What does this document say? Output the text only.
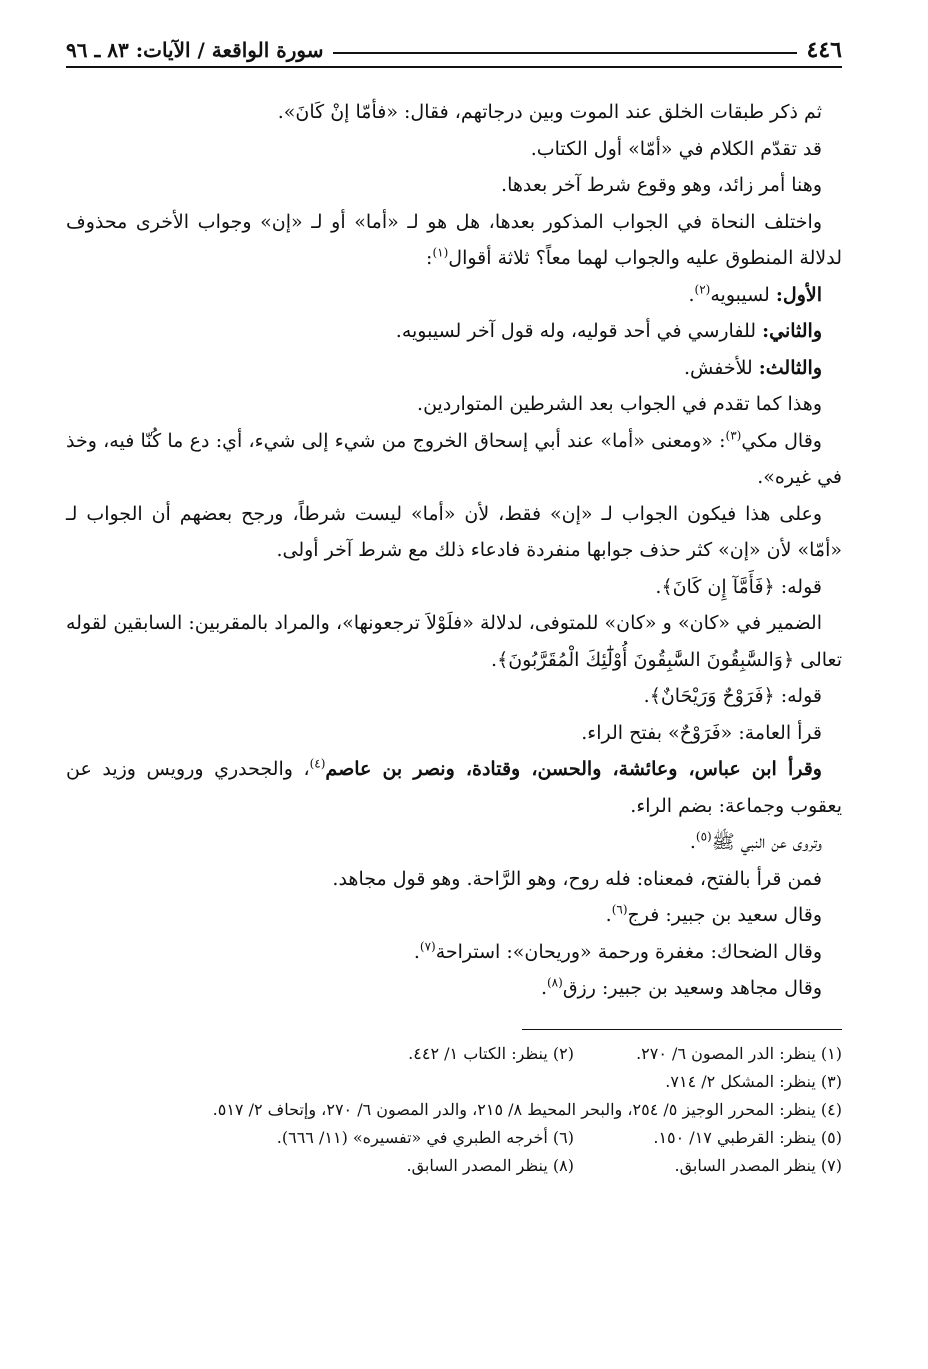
٤٤٦
سورة الواقعة / الآيات: ٨٣ ـ ٩٦

ثم ذكر طبقات الخلق عند الموت وبين درجاتهم، فقال: «فأمّا إنْ كَانَ».

قد تقدّم الكلام في «أمّا» أول الكتاب.

وهنا أمر زائد، وهو وقوع شرط آخر بعدها.

واختلف النحاة في الجواب المذكور بعدها، هل هو لـ «أما» أو لـ «إن» وجواب الأخرى محذوف لدلالة المنطوق عليه والجواب لهما معاً؟ ثلاثة أقوال$^{(١)}$:

الأول: لسيبويه$^{(٢)}$.

والثاني: للفارسي في أحد قوليه، وله قول آخر لسيبويه.

والثالث: للأخفش.

وهذا كما تقدم في الجواب بعد الشرطين المتواردين.

وقال مكي$^{(٣)}$: «ومعنى «أما» عند أبي إسحاق الخروج من شيء إلى شيء، أي: دع ما كُنّا فيه، وخذ في غيره».

وعلى هذا فيكون الجواب لـ «إن» فقط، لأن «أما» ليست شرطاً، ورجح بعضهم أن الجواب لـ «أمّا» لأن «إن» كثر حذف جوابها منفردة فادعاء ذلك مع شرط آخر أولى.

قوله: ﴿فَأَمَّآ إِن كَانَ﴾.

الضمير في «كان» و «كان» للمتوفى، لدلالة «فلَوْلاَ ترجعونها»، والمراد بالمقربين: السابقين لقوله تعالى ﴿وَالسَّٰبِقُونَ السَّٰبِقُونَ أُوْلَٰٓئِكَ الْمُقَرَّبُونَ﴾.

قوله: ﴿فَرَوْحٌ وَرَيْحَانٌ﴾.

قرأ العامة: «فَرَوْحٌ» بفتح الراء.

وقرأ ابن عباس، وعائشة، والحسن، وقتادة، ونصر بن عاصم$^{(٤)}$، والجحدري ورويس وزيد عن يعقوب وجماعة: بضم الراء.

وتروى عن النبي ﷺ$^{(٥)}$.

فمن قرأ بالفتح، فمعناه: فله روح، وهو الرَّاحة. وهو قول مجاهد.

وقال سعيد بن جبير: فرج$^{(٦)}$.

وقال الضحاك: مغفرة ورحمة «وريحان»: استراحة$^{(٧)}$.

وقال مجاهد وسعيد بن جبير: رزق$^{(٨)}$.

(١) ينظر: الدر المصون ٦/ ٢٧٠.
(٢) ينظر: الكتاب ١/ ٤٤٢.
(٣) ينظر: المشكل ٢/ ٧١٤.
(٤) ينظر: المحرر الوجيز ٥/ ٢٥٤، والبحر المحيط ٨/ ٢١٥، والدر المصون ٦/ ٢٧٠، وإتحاف ٢/ ٥١٧.
(٥) ينظر: القرطبي ١٧/ ١٥٠.
(٦) أخرجه الطبري في «تفسيره» (١١/ ٦٦٦).
(٧) ينظر المصدر السابق.
(٨) ينظر المصدر السابق.
